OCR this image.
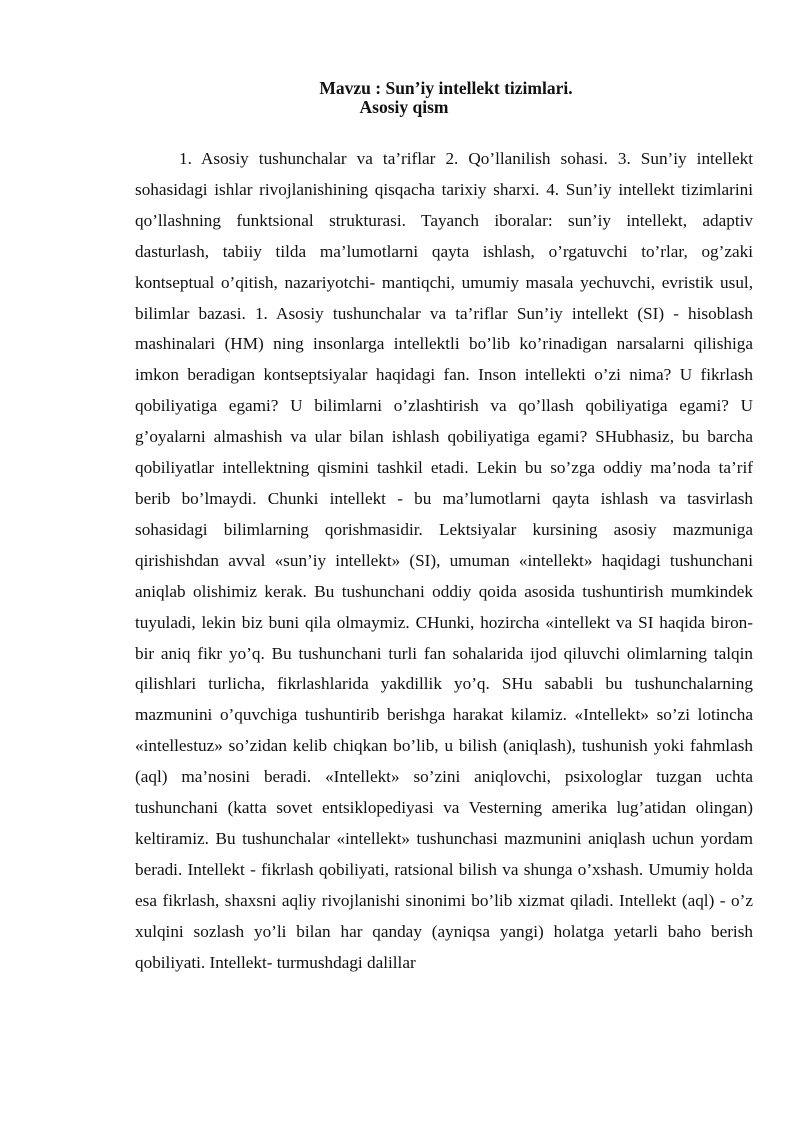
Mavzu : Sun’iy intellekt tizimlari.
Asosiy qism

1. Asosiy tushunchalar va ta’riflar 2. Qo’llanilish sohasi. 3. Sun’iy intellekt sohasidagi ishlar rivojlanishining qisqacha tarixiy sharxi. 4. Sun’iy intellekt tizimlarini qo’llashning funktsional strukturasi. Tayanch iboralar: sun’iy intellekt, adaptiv dasturlash, tabiiy tilda ma’lumotlarni qayta ishlash, o’rgatuvchi to’rlar, og’zaki kontseptual o’qitish, nazariyotchi- mantiqchi, umumiy masala yechuvchi, evristik usul, bilimlar bazasi. 1. Asosiy tushunchalar va ta’riflar Sun’iy intellekt (SI) - hisoblash mashinalari (HM) ning insonlarga intellektli bo’lib ko’rinadigan narsalarni qilishiga imkon beradigan kontseptsiyalar haqidagi fan. Inson intellekti o’zi nima? U fikrlash qobiliyatiga egami? U bilimlarni o’zlashtirish va qo’llash qobiliyatiga egami? U g’oyalarni almashish va ular bilan ishlash qobiliyatiga egami? SHubhasiz, bu barcha qobiliyatlar intellektning qismini tashkil etadi. Lekin bu so’zga oddiy ma’noda ta’rif berib bo’lmaydi. Chunki intellekt - bu ma’lumotlarni qayta ishlash va tasvirlash sohasidagi bilimlarning qorishmasidir. Lektsiyalar kursining asosiy mazmuniga qirishishdan avval «sun’iy intellekt» (SI), umuman «intellekt» haqidagi tushunchani aniqlab olishimiz kerak. Bu tushunchani oddiy qoida asosida tushuntirish mumkindek tuyuladi, lekin biz buni qila olmaymiz. CHunki, hozircha «intellekt va SI haqida biron-bir aniq fikr yo’q. Bu tushunchani turli fan sohalarida ijod qiluvchi olimlarning talqin qilishlari turlicha, fikrlashlarida yakdillik yo’q. SHu sababli bu tushunchalarning mazmunini o’quvchiga tushuntirib berishga harakat kilamiz. «Intellekt» so’zi lotincha «intellestuz» so’zidan kelib chiqkan bo’lib, u bilish (aniqlash), tushunish yoki fahmlash (aql) ma’nosini beradi. «Intellekt» so’zini aniqlovchi, psixologlar tuzgan uchta tushunchani (katta sovet entsiklopediyasi va Vesterning amerika lug’atidan olingan) keltiramiz. Bu tushunchalar «intellekt» tushunchasi mazmunini aniqlash uchun yordam beradi. Intellekt - fikrlash qobiliyati, ratsional bilish va shunga o’xshash. Umumiy holda esa fikrlash, shaxsni aqliy rivojlanishi sinonimi bo’lib xizmat qiladi. Intellekt (aql) - o’z xulqini sozlash yo’li bilan har qanday (ayniqsa yangi) holatga yetarli baho berish qobiliyati. Intellekt- turmushdagi dalillar
